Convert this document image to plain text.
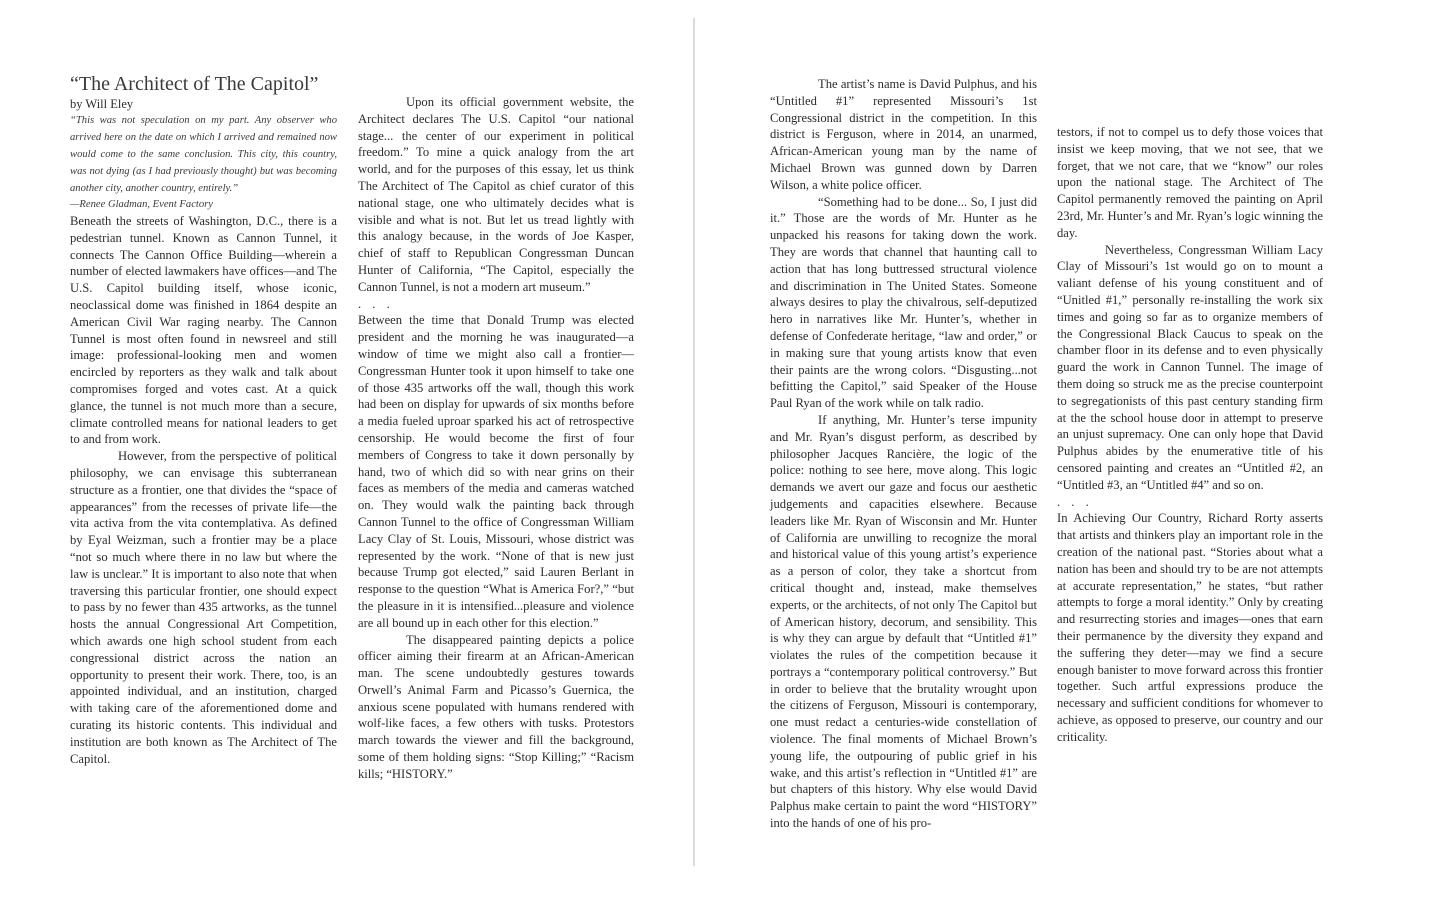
“The Architect of The Capitol”

by Will Eley

“This was not speculation on my part. Any observer who arrived here on the date on which I arrived and remained now would come to the same conclusion. This city, this country, was not dying (as I had previously thought) but was becoming another city, another country, entirely.”

—Renee Gladman, Event Factory

Beneath the streets of Washington, D.C., there is a pedestrian tunnel. Known as Cannon Tunnel, it connects The Cannon Office Building—wherein a number of elected lawmakers have offices—and The U.S. Capitol building itself, whose iconic, neoclassical dome was finished in 1864 despite an American Civil War raging nearby. The Cannon Tunnel is most often found in newsreel and still image: professional-looking men and women encircled by reporters as they walk and talk about compromises forged and votes cast. At a quick glance, the tunnel is not much more than a secure, climate controlled means for national leaders to get to and from work.

However, from the perspective of political philosophy, we can envisage this subterranean structure as a frontier, one that divides the “space of appearances” from the recesses of private life—the vita activa from the vita contemplativa. As defined by Eyal Weizman, such a frontier may be a place “not so much where there in no law but where the law is unclear.” It is important to also note that when traversing this particular frontier, one should expect to pass by no fewer than 435 artworks, as the tunnel hosts the annual Congressional Art Competition, which awards one high school student from each congressional district across the nation an opportunity to present their work. There, too, is an appointed individual, and an institution, charged with taking care of the aforementioned dome and curating its historic contents. This individual and institution are both known as The Architect of The Capitol.

Upon its official government website, the Architect declares The U.S. Capitol “our national stage... the center of our experiment in political freedom.” To mine a quick analogy from the art world, and for the purposes of this essay, let us think The Architect of The Capitol as chief curator of this national stage, one who ultimately decides what is visible and what is not. But let us tread lightly with this analogy because, in the words of Joe Kasper, chief of staff to Republican Congressman Duncan Hunter of California, “The Capitol, especially the Cannon Tunnel, is not a modern art museum.”

. . .

Between the time that Donald Trump was elected president and the morning he was inaugurated—a window of time we might also call a frontier—Congressman Hunter took it upon himself to take one of those 435 artworks off the wall, though this work had been on display for upwards of six months before a media fueled uproar sparked his act of retrospective censorship. He would become the first of four members of Congress to take it down personally by hand, two of which did so with near grins on their faces as members of the media and cameras watched on. They would walk the painting back through Cannon Tunnel to the office of Congressman William Lacy Clay of St. Louis, Missouri, whose district was represented by the work. “None of that is new just because Trump got elected,” said Lauren Berlant in response to the question “What is America For?,” “but the pleasure in it is intensified...pleasure and violence are all bound up in each other for this election.”

The disappeared painting depicts a police officer aiming their firearm at an African-American man. The scene undoubtedly gestures towards Orwell’s Animal Farm and Picasso’s Guernica, the anxious scene populated with humans rendered with wolf-like faces, a few others with tusks. Protestors march towards the viewer and fill the background, some of them holding signs: “Stop Killing;” “Racism kills; “HISTORY.”

The artist’s name is David Pulphus, and his “Untitled #1” represented Missouri’s 1st Congressional district in the competition. In this district is Ferguson, where in 2014, an unarmed, African-American young man by the name of Michael Brown was gunned down by Darren Wilson, a white police officer.

“Something had to be done... So, I just did it.” Those are the words of Mr. Hunter as he unpacked his reasons for taking down the work. They are words that channel that haunting call to action that has long buttressed structural violence and discrimination in The United States. Someone always desires to play the chivalrous, self-deputized hero in narratives like Mr. Hunter’s, whether in defense of Confederate heritage, “law and order,” or in making sure that young artists know that even their paints are the wrong colors. “Disgusting...not befitting the Capitol,” said Speaker of the House Paul Ryan of the work while on talk radio.

If anything, Mr. Hunter’s terse impunity and Mr. Ryan’s disgust perform, as described by philosopher Jacques Rancière, the logic of the police: nothing to see here, move along. This logic demands we avert our gaze and focus our aesthetic judgements and capacities elsewhere. Because leaders like Mr. Ryan of Wisconsin and Mr. Hunter of California are unwilling to recognize the moral and historical value of this young artist’s experience as a person of color, they take a shortcut from critical thought and, instead, make themselves experts, or the architects, of not only The Capitol but of American history, decorum, and sensibility. This is why they can argue by default that “Untitled #1” violates the rules of the competition because it portrays a “contemporary political controversy.” But in order to believe that the brutality wrought upon the citizens of Ferguson, Missouri is contemporary, one must redact a centuries-wide constellation of violence. The final moments of Michael Brown’s young life, the outpouring of public grief in his wake, and this artist’s reflection in “Untitled #1” are but chapters of this history. Why else would David Palphus make certain to paint the word “HISTORY” into the hands of one of his pro-

testors, if not to compel us to defy those voices that insist we keep moving, that we not see, that we forget, that we not care, that we “know” our roles upon the national stage. The Architect of The Capitol permanently removed the painting on April 23rd, Mr. Hunter’s and Mr. Ryan’s logic winning the day.

Nevertheless, Congressman William Lacy Clay of Missouri’s 1st would go on to mount a valiant defense of his young constituent and of “Unitled #1,” personally re-installing the work six times and going so far as to organize members of the Congressional Black Caucus to speak on the chamber floor in its defense and to even physically guard the work in Cannon Tunnel. The image of them doing so struck me as the precise counterpoint to segregationists of this past century standing firm at the the school house door in attempt to preserve an unjust supremacy. One can only hope that David Pulphus abides by the enumerative title of his censored painting and creates an “Untitled #2, an “Untitled #3, an “Untitled #4” and so on.

. . .

In Achieving Our Country, Richard Rorty asserts that artists and thinkers play an important role in the creation of the national past. “Stories about what a nation has been and should try to be are not attempts at accurate representation,” he states, “but rather attempts to forge a moral identity.” Only by creating and resurrecting stories and images—ones that earn their permanence by the diversity they expand and the suffering they deter—may we find a secure enough banister to move forward across this frontier together. Such artful expressions produce the necessary and sufficient conditions for whomever to achieve, as opposed to preserve, our country and our criticality.
